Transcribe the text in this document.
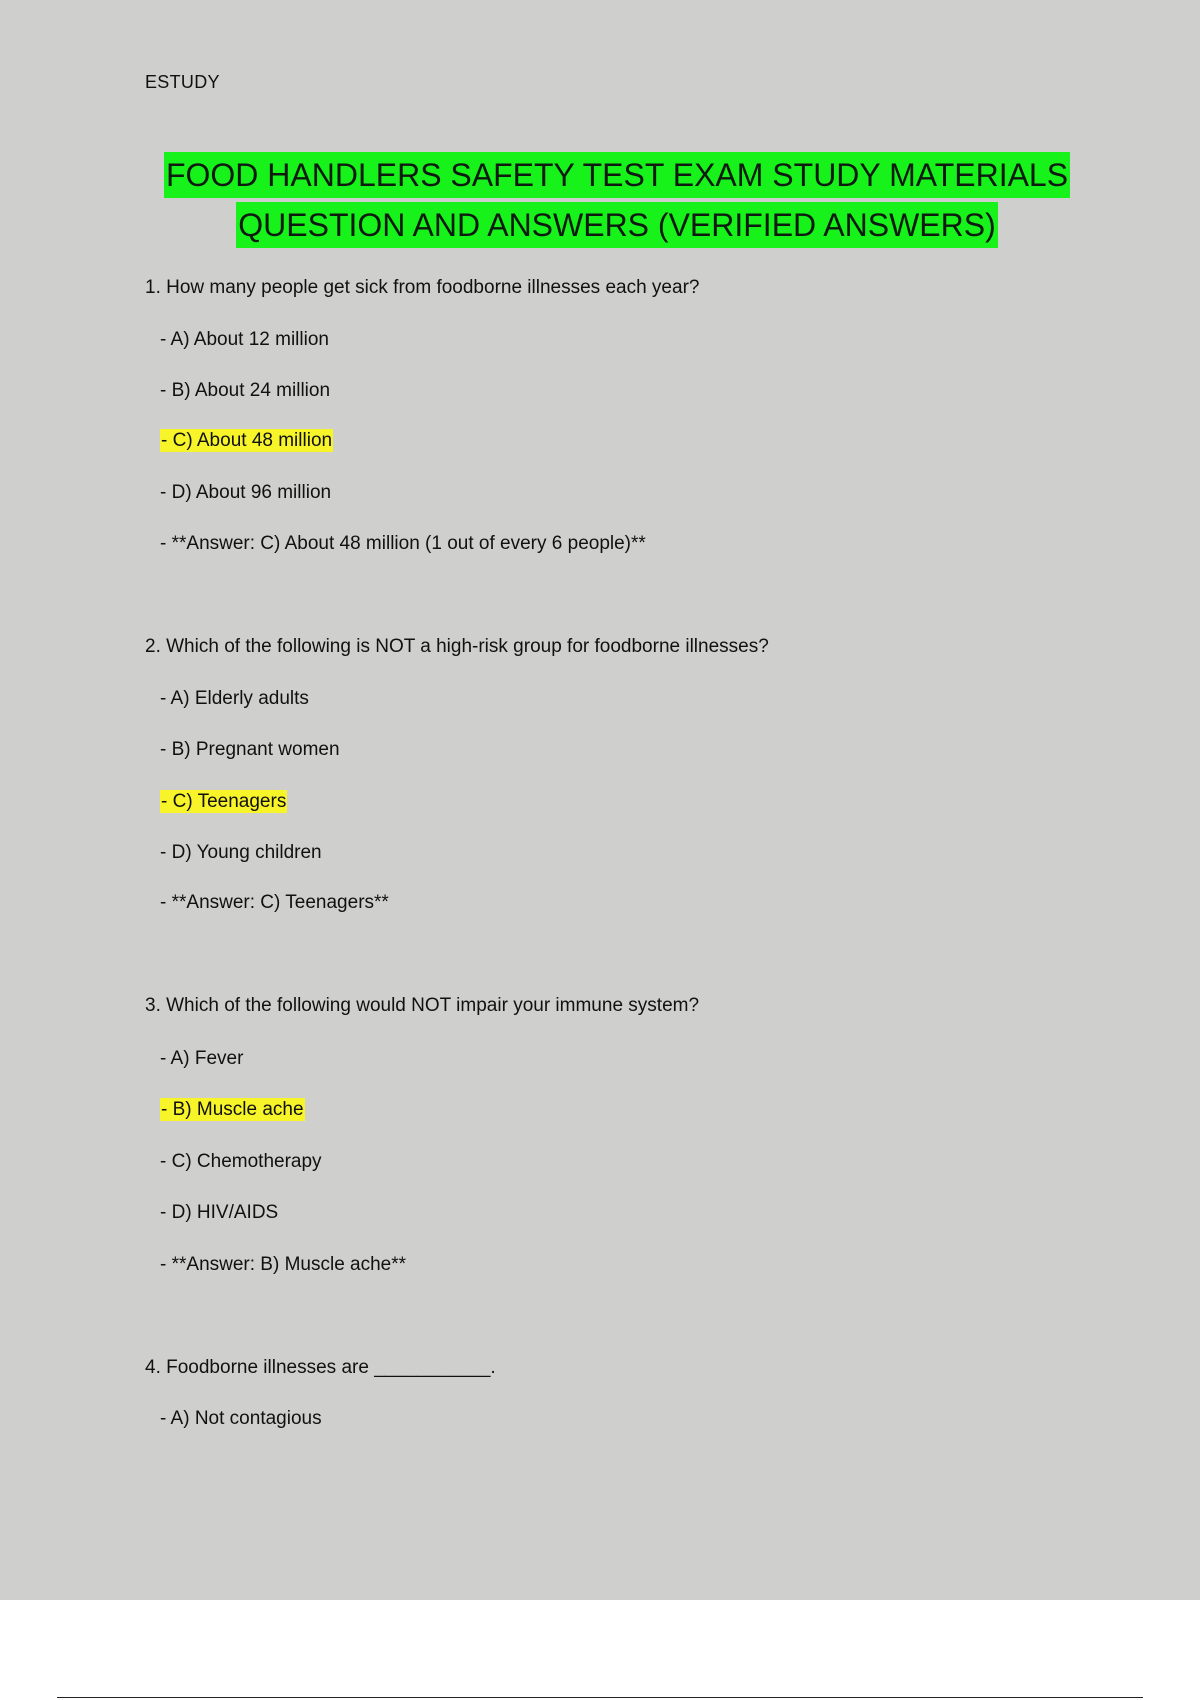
ESTUDY
FOOD HANDLERS SAFETY TEST EXAM STUDY MATERIALS
QUESTION AND ANSWERS (VERIFIED ANSWERS)
1. How many people get sick from foodborne illnesses each year?
- A) About 12 million
- B) About 24 million
- C) About 48 million
- D) About 96 million
- **Answer: C) About 48 million (1 out of every 6 people)**
2. Which of the following is NOT a high-risk group for foodborne illnesses?
- A) Elderly adults
- B) Pregnant women
- C) Teenagers
- D) Young children
- **Answer: C) Teenagers**
3. Which of the following would NOT impair your immune system?
- A) Fever
- B) Muscle ache
- C) Chemotherapy
- D) HIV/AIDS
- **Answer: B) Muscle ache**
4. Foodborne illnesses are ___________.
- A) Not contagious
